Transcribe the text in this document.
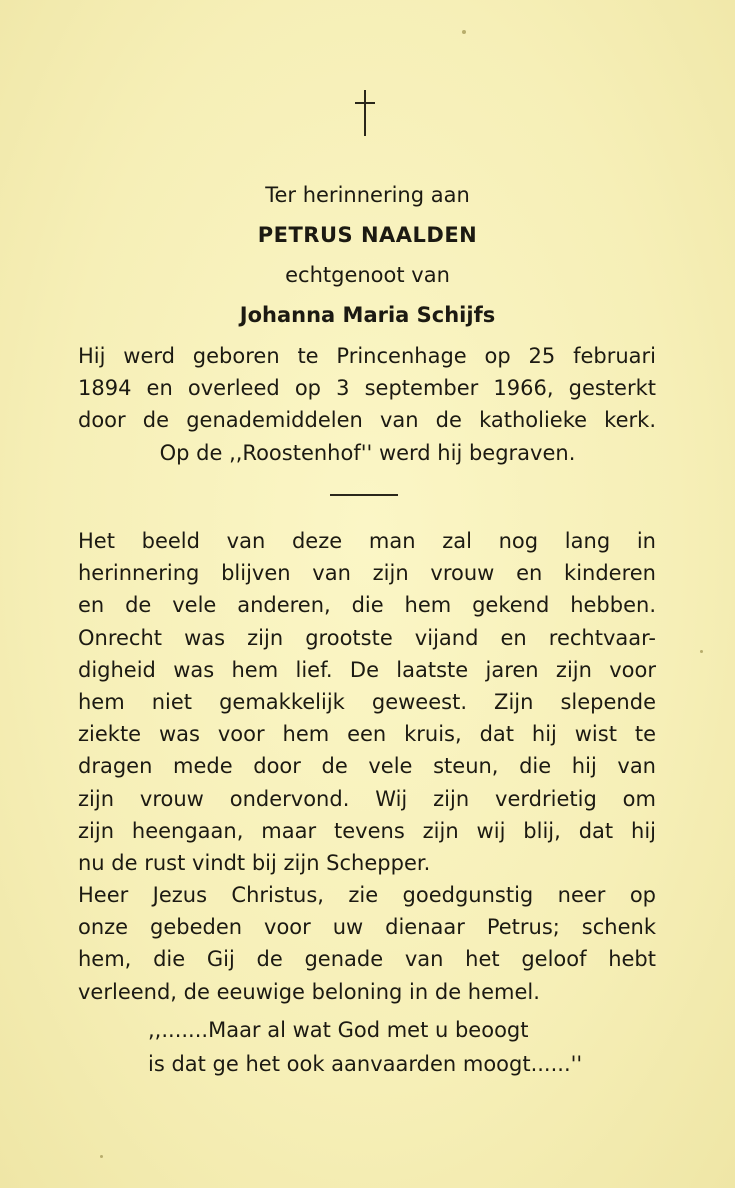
Ter herinnering aan
PETRUS NAALDEN
echtgenoot van
Johanna Maria Schijfs
Hij werd geboren te Princenhage op 25 februari
1894 en overleed op 3 september 1966, gesterkt
door de genademiddelen van de katholieke kerk.
Op de ,,Roostenhof'' werd hij begraven.
Het beeld van deze man zal nog lang in
herinnering blijven van zijn vrouw en kinderen
en de vele anderen, die hem gekend hebben.
Onrecht was zijn grootste vijand en rechtvaar-
digheid was hem lief. De laatste jaren zijn voor
hem niet gemakkelijk geweest. Zijn slepende
ziekte was voor hem een kruis, dat hij wist te
dragen mede door de vele steun, die hij van
zijn vrouw ondervond. Wij zijn verdrietig om
zijn heengaan, maar tevens zijn wij blij, dat hij
nu de rust vindt bij zijn Schepper.
Heer Jezus Christus, zie goedgunstig neer op
onze gebeden voor uw dienaar Petrus; schenk
hem, die Gij de genade van het geloof hebt
verleend, de eeuwige beloning in de hemel.
,,.......Maar al wat God met u beoogt
is dat ge het ook aanvaarden moogt......''
